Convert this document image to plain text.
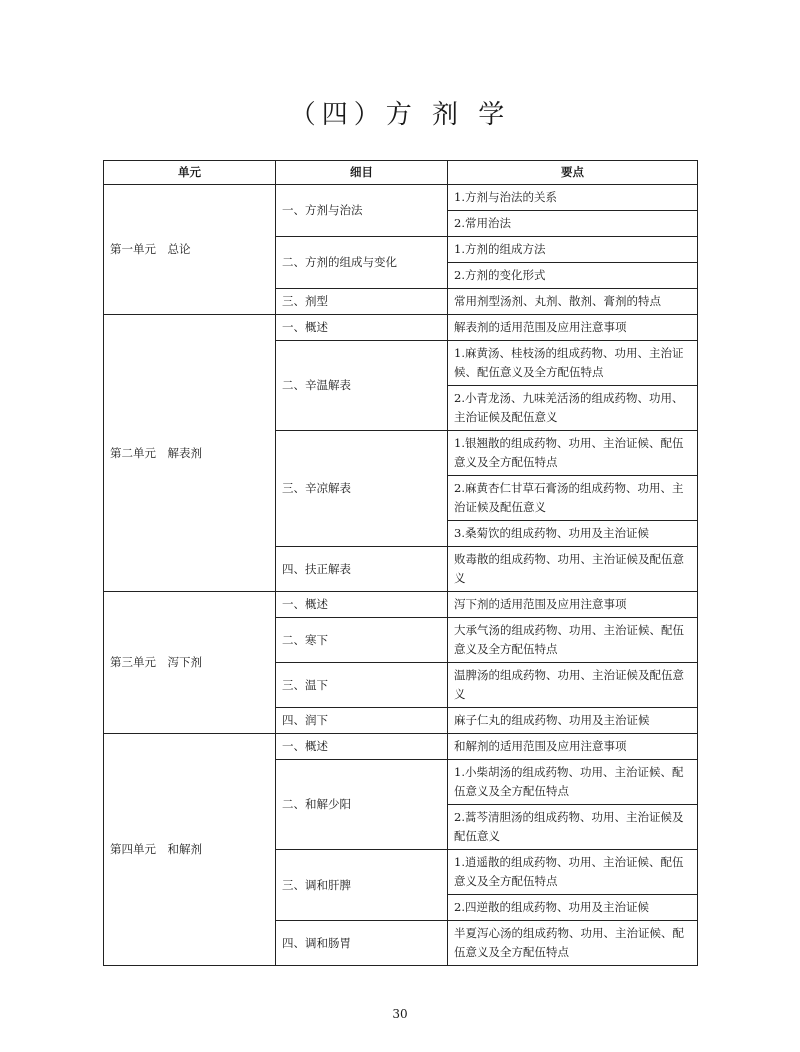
（四）方 剂 学
单元	细目	要点
第一单元　总论	一、方剂与治法	1.方剂与治法的关系
		2.常用治法
	二、方剂的组成与变化	1.方剂的组成方法
		2.方剂的变化形式
	三、剂型	常用剂型汤剂、丸剂、散剂、膏剂的特点
第二单元　解表剂	一、概述	解表剂的适用范围及应用注意事项
	二、辛温解表	1.麻黄汤、桂枝汤的组成药物、功用、主治证候、配伍意义及全方配伍特点
		2.小青龙汤、九味羌活汤的组成药物、功用、主治证候及配伍意义
	三、辛凉解表	1.银翘散的组成药物、功用、主治证候、配伍意义及全方配伍特点
		2.麻黄杏仁甘草石膏汤的组成药物、功用、主治证候及配伍意义
		3.桑菊饮的组成药物、功用及主治证候
	四、扶正解表	败毒散的组成药物、功用、主治证候及配伍意义
第三单元　泻下剂	一、概述	泻下剂的适用范围及应用注意事项
	二、寒下	大承气汤的组成药物、功用、主治证候、配伍意义及全方配伍特点
	三、温下	温脾汤的组成药物、功用、主治证候及配伍意义
	四、润下	麻子仁丸的组成药物、功用及主治证候
第四单元　和解剂	一、概述	和解剂的适用范围及应用注意事项
	二、和解少阳	1.小柴胡汤的组成药物、功用、主治证候、配伍意义及全方配伍特点
		2.蒿芩清胆汤的组成药物、功用、主治证候及配伍意义
	三、调和肝脾	1.逍遥散的组成药物、功用、主治证候、配伍意义及全方配伍特点
		2.四逆散的组成药物、功用及主治证候
	四、调和肠胃	半夏泻心汤的组成药物、功用、主治证候、配伍意义及全方配伍特点
30
